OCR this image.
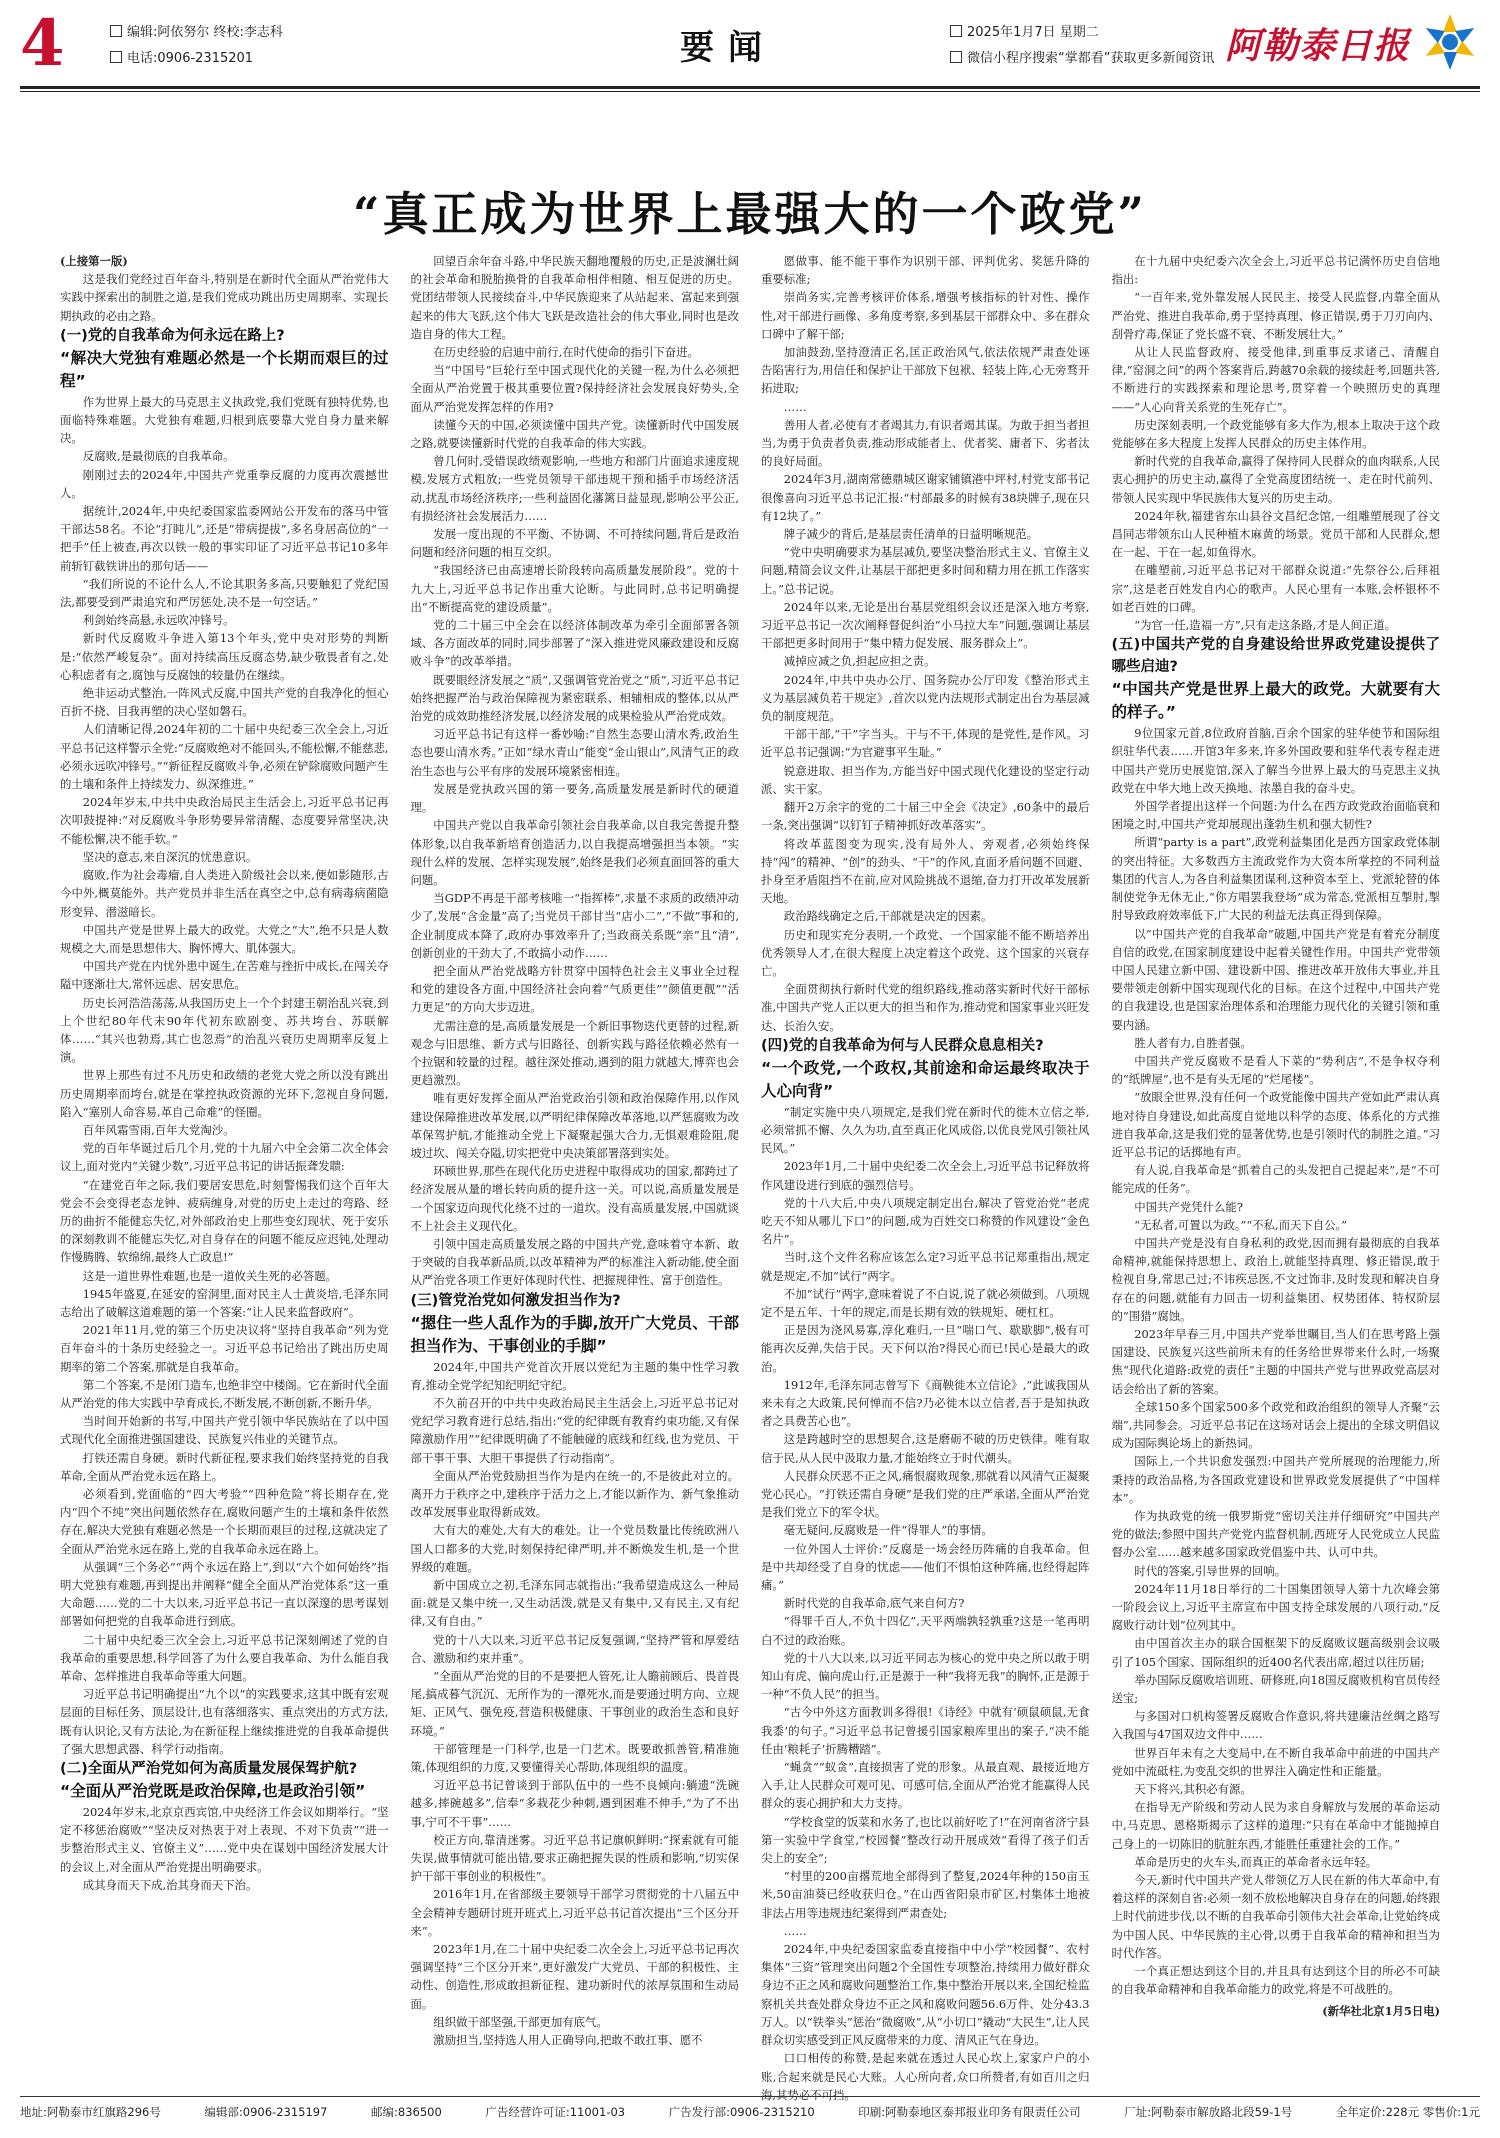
4	编辑:阿依努尔 终校:李志科
电话:0906-2315201	要闻	2025年1月7日 星期二
微信小程序搜索“掌都看”获取更多新闻资讯 阿勒泰日报
“真正成为世界上最强大的一个政党”

(上接第一版)

这是我们党经过百年奋斗,特别是在新时代全面从严治党伟大实践中探索出的制胜之道,是我们党成功跳出历史周期率、实现长期执政的必由之路。

(一)党的自我革命为何永远在路上?

“解决大党独有难题必然是一个长期而艰巨的过程”

作为世界上最大的马克思主义执政党,我们党既有独特优势,也面临特殊难题。大党独有难题,归根到底要靠大党自身力量来解决。

反腐败,是最彻底的自我革命。

刚刚过去的2024年,中国共产党重拳反腐的力度再次震撼世人。

据统计,2024年,中央纪委国家监委网站公开发布的落马中管干部达58名。不论“打盹儿”,还是“带病提拔”,多名身居高位的“一把手”任上被查,再次以铁一般的事实印证了习近平总书记10多年前斩钉截铁讲出的那句话——

“我们所说的不论什么人,不论其职务多高,只要触犯了党纪国法,都要受到严肃追究和严厉惩处,决不是一句空话。”

利剑始终高悬,永远吹冲锋号。

新时代反腐败斗争进入第13个年头,党中央对形势的判断是:“依然严峻复杂”。面对持续高压反腐态势,缺少敬畏者有之,处心积虑者有之,腐蚀与反腐蚀的较量仍在继续。

绝非运动式整治,一阵风式反腐,中国共产党的自我净化的恒心百折不挠、目我再塑的决心坚如磐石。

人们清晰记得,2024年初的二十届中央纪委三次全会上,习近平总书记这样警示全党:“反腐败绝对不能回头,不能松懈,不能慈悲,必须永远吹冲锋号。”“新征程反腐败斗争,必须在铲除腐败问题产生的土壤和条件上持续发力、纵深推进。”

2024年岁末,中共中央政治局民主生活会上,习近平总书记再次叩鼓提神:“对反腐败斗争形势要异常清醒、态度要异常坚决,决不能松懈,决不能手软。”

坚决的意志,来自深沉的忧患意识。

腐败,作为社会毒瘤,自人类进入阶级社会以来,便如影随形,古今中外,概莫能外。共产党员并非生活在真空之中,总有病毒病菌隐形变异、潜滋暗长。

中国共产党是世界上最大的政党。大党之“大”,绝不只是人数规模之大,而是思想伟大、胸怀博大、肌体强大。

中国共产党在内忧外患中诞生,在苦难与挫折中成长,在闯关夺隘中逐渐壮大,常怀远虑、居安思危。

历史长河浩浩荡荡,从我国历史上一个个封建王朝治乱兴衰,到上个世纪80年代末90年代初东欧剧变、苏共垮台、苏联解体……“其兴也勃焉,其亡也忽焉”的治乱兴衰历史周期率反复上演。

世界上那些有过不凡历史和政绩的老党大党之所以没有跳出历史周期率而垮台,就是在掌控执政资源的光环下,忽视自身问题,陷入“塞别人命容易,革自己命难”的怪圈。

百年风霜雪雨,百年大党淘沙。

党的百年华诞过后几个月,党的十九届六中全会第二次全体会议上,面对党内“关键少数”,习近平总书记的讲话振聋发聩:

“在建党百年之际,我们要居安思危,时刻警惕我们这个百年大党会不会变得老态龙钟、疲病缠身,对党的历史上走过的弯路、经历的曲折不能健忘失忆,对外部政治史上那些变幻现状、死于安乐的深刻教训不能健忘失忆,对自身存在的问题不能反应迟钝,处理动作慢腾腾、软绵绵,最终人亡政息!”

这是一道世界性难题,也是一道攸关生死的必答题。

1945年盛夏,在延安的窑洞里,面对民主人士黄炎培,毛泽东同志给出了破解这道难题的第一个答案:“让人民来监督政府”。

2021年11月,党的第三个历史决议将“坚持自我革命”列为党百年奋斗的十条历史经验之一。习近平总书记给出了跳出历史周期率的第二个答案,那就是自我革命。

第二个答案,不是闭门造车,也绝非空中楼阁。它在新时代全面从严治党的伟大实践中孕育成长,不断发展,不断创新,不断升华。

当时间开始新的书写,中国共产党引领中华民族站在了以中国式现代化全面推进强国建设、民族复兴伟业的关键节点。

打铁还需自身硬。新时代新征程,要求我们始终坚持党的自我革命,全面从严治党永远在路上。

必须看到,党面临的“四大考验”“四种危险”将长期存在,党内“四个不纯”突出问题依然存在,腐败问题产生的土壤和条件依然存在,解决大党独有难题必然是一个长期而艰巨的过程,这就决定了全面从严治党永远在路上,党的自我革命永远在路上。

从强调“三个务必”“两个永远在路上”,到以“六个如何始终”指明大党独有难题,再到提出并阐释“健全全面从严治党体系”这一重大命题……党的二十大以来,习近平总书记一直以深邃的思考谋划部署如何把党的自我革命进行到底。

二十届中央纪委三次全会上,习近平总书记深刻阐述了党的自我革命的重要思想,科学回答了为什么要自我革命、为什么能自我革命、怎样推进自我革命等重大问题。

习近平总书记明确提出“九个以”的实践要求,这其中既有宏观层面的目标任务、顶层设计,也有落细落实、重点突出的方式方法,既有认识论,又有方法论,为在新征程上继续推进党的自我革命提供了强大思想武器、科学行动指南。

(二)全面从严治党如何为高质量发展保驾护航?

“全面从严治党既是政治保障,也是政治引领”

2024年岁末,北京京西宾馆,中央经济工作会议如期举行。“坚定不移惩治腐败”“坚决反对热衷于对上表现、不对下负责”“进一步整治形式主义、官僚主义”……党中央在谋划中国经济发展大计的会议上,对全面从严治党提出明确要求。

成其身而天下成,治其身而天下治。

回望百余年奋斗路,中华民族天翻地覆般的历史,正是波澜壮阔的社会革命和脱胎换骨的自我革命相伴相随、相互促进的历史。党团结带领人民接续奋斗,中华民族迎来了从站起来、富起来到强起来的伟大飞跃,这个伟大飞跃是改造社会的伟大事业,同时也是改造自身的伟大工程。

在历史经验的启迪中前行,在时代使命的指引下奋进。

当“中国号”巨轮行至中国式现代化的关键一程,为什么必须把全面从严治党置于极其重要位置?保持经济社会发展良好势头,全面从严治党发挥怎样的作用?

读懂今天的中国,必须读懂中国共产党。读懂新时代中国发展之路,就要读懂新时代党的自我革命的伟大实践。

曾几何时,受错误政绩观影响,一些地方和部门片面追求速度规模,发展方式粗放;一些党员领导干部违规干预和插手市场经济活动,扰乱市场经济秩序;一些利益固化藩篱日益显现,影响公平公正,有损经济社会发展活力……

发展一度出现的不平衡、不协调、不可持续问题,背后是政治问题和经济问题的相互交织。

“我国经济已由高速增长阶段转向高质量发展阶段”。党的十九大上,习近平总书记作出重大论断。与此同时,总书记明确提出“不断提高党的建设质量”。

党的二十届三中全会在以经济体制改革为牵引全面部署各领域、各方面改革的同时,同步部署了“深入推进党风廉政建设和反腐败斗争”的改革举措。

既要眼经济发展之“质”,又强调管党治党之“质”,习近平总书记始终把握严治与政治保障视为紧密联系、相辅相成的整体,以从严治党的成效助推经济发展,以经济发展的成果检验从严治党成效。

习近平总书记有这样一番妙喻:“自然生态要山清水秀,政治生态也要山清水秀。”正如“绿水青山”能变“金山银山”,风清气正的政治生态也与公平有序的发展环境紧密相连。

发展是党执政兴国的第一要务,高质量发展是新时代的硬道理。

中国共产党以自我革命引领社会自我革命,以自我完善提升整体形象,以自我革新培育创造活力,以自我提高增强担当本领。“实现什么样的发展、怎样实现发展”,始终是我们必须直面回答的重大问题。

当GDP不再是干部考核唯一“指挥棒”,求量不求质的政绩冲动少了,发展“含金量”高了;当党员干部甘当“店小二”,“不做”事和的,企业制度成本降了,政府办事效率升了;当政商关系既“亲”且“清”,创新创业的干劲大了,不敢搞小动作……

把全面从严治党战略方针贯穿中国特色社会主义事业全过程和党的建设各方面,中国经济社会向着“气质更佳”“颜值更靓”“活力更足”的方向大步迈进。

尤需注意的是,高质量发展是一个新旧事物迭代更替的过程,新观念与旧思维、新方式与旧路径、创新实践与路径依赖必然有一个拉锯和较量的过程。越往深处推动,遇到的阻力就越大,博弈也会更趋激烈。

唯有更好发挥全面从严治党政治引领和政治保障作用,以作风建设保障推进改革发展,以严明纪律保障改革落地,以严惩腐败为改革保驾护航,才能推动全党上下凝聚起强大合力,无惧艰难险阻,爬坡过坎、闯关夺隘,切实把党中央决策部署落到实处。

环顾世界,那些在现代化历史进程中取得成功的国家,都跨过了经济发展从量的增长转向质的提升这一关。可以说,高质量发展是一个国家迈向现代化绕不过的一道坎。没有高质量发展,中国就谈不上社会主义现代化。

引领中国走高质量发展之路的中国共产党,意味着守本新、敢于突破的自我革新品质,以改革精神为严的标准注入新动能,使全面从严治党各项工作更好体现时代性、把握规律性、富于创造性。

(三)管党治党如何激发担当作为?

“摁住一些人乱作为的手脚,放开广大党员、干部担当作为、干事创业的手脚”

2024年,中国共产党首次开展以党纪为主题的集中性学习教育,推动全党学纪知纪明纪守纪。

不久前召开的中共中央政治局民主生活会上,习近平总书记对党纪学习教育进行总结,指出:“党的纪律既有教育约束功能,又有保障激励作用”“纪律既明确了不能触碰的底线和红线,也为党员、干部干事干事、大胆干事提供了行动指南”。

全面从严治党鼓励担当作为是内在统一的,不是彼此对立的。离开力于秩序之中,建秩序于活力之上,才能以新作为、新气象推动改革发展事业取得新成效。

大有大的难处,大有大的难处。让一个党员数量比传统欧洲八国人口都多的大党,时刻保持纪律严明,并不断焕发生机,是一个世界级的难题。

新中国成立之初,毛泽东同志就指出:“我希望造成这么一种局面:就是又集中统一,又生动活泼,就是又有集中,又有民主,又有纪律,又有自由。”

党的十八大以来,习近平总书记反复强调,“坚持严管和厚爱结合、激励和约束并重”。

“全面从严治党的目的不是要把人管死,让人瞻前顾后、畏首畏尾,搞成暮气沉沉、无所作为的一潭死水,而是要通过明方向、立规矩、正风气、强免疫,营造积极健康、干事创业的政治生态和良好环境。”

干部管理是一门科学,也是一门艺术。既要敢抓善管,精准施策,体现组织的力度,又要懂得关心帮助,体现组织的温度。

习近平总书记曾谈到于部队伍中的一些不良倾向:躺遗“洗碗越多,摔碗越多”,信奉“多栽花少种刺,遇到困难不伸手,“为了不出事,宁可不干事”……

校正方向,靠清迷雾。习近平总书记旗帜鲜明:“探索就有可能失误,做事情就可能出错,要求正确把握失误的性质和影响,“切实保护干部干事创业的积极性”。

2016年1月,在省部级主要领导干部学习贯彻党的十八届五中全会精神专题研讨班开班式上,习近平总书记首次提出“三个区分开来”。

2023年1月,在二十届中央纪委二次全会上,习近平总书记再次强调坚持“三个区分开来”,更好激发广大党员、干部的积极性、主动性、创造性,形成敢担新征程、建功新时代的浓厚氛围和生动局面。

组织做干部坚强,干部更加有底气。

激励担当,坚持选人用人正确导向,把敢不敢扛事、愿不

愿做事、能不能干事作为识别干部、评判优劣、奖惩升降的重要标准;

崇尚务实,完善考核评价体系,增强考核指标的针对性、操作性,对干部进行画像、多角度考察,多到基层干部群众中、多在群众口碑中了解干部;

加油鼓劲,坚持澄清正名,匡正政治风气,依法依规严肃查处诬告陷害行为,用信任和保护让干部放下包袱、轻装上阵,心无旁骛开拓进取;

……

善用人者,必使有才者竭其力,有识者竭其谋。为敢于担当者担当,为勇于负责者负责,推动形成能者上、优者奖、庸者下、劣者汰的良好局面。

2024年3月,湖南常德鼎城区谢家铺镇港中坪村,村党支部书记很像喜向习近平总书记汇报:“村部最多的时候有38块牌子,现在只有12块了。”

牌子减少的背后,是基层责任清单的日益明晰规范。

“党中央明确要求为基层减负,要坚决整治形式主义、官僚主义问题,精简会议文件,让基层干部把更多时间和精力用在抓工作落实上。”总书记说。

2024年以来,无论是出台基层党组织会议还是深入地方考察,习近平总书记一次次阐释督促纠治“小马拉大车”问题,强调让基层干部把更多时间用于“集中精力促发展、服务群众上”。

减掉应减之负,担起应担之责。

2024年,中共中央办公厅、国务院办公厅印发《整治形式主义为基层减负若干规定》,首次以党内法规形式制定出台为基层减负的制度规范。

干部干部,“干”字当头。干与不干,体现的是党性,是作风。习近平总书记强调:“为官避事平生耻。”

锐意进取、担当作为,方能当好中国式现代化建设的坚定行动派、实干家。

翻开2万余字的党的二十届三中全会《决定》,60条中的最后一条,突出强调“以钉钉子精神抓好改革落实”。

将改革蓝图变为现实,没有局外人、旁观者,必须始终保持“闯”的精神、“创”的劲头、“干”的作风,直面矛盾问题不回避、扑身至矛盾阻挡不在前,应对风险挑战不退缩,奋力打开改革发展新天地。

政治路线确定之后,干部就是决定的因素。

历史和现实充分表明,一个政党、一个国家能不能不断培养出优秀领导人才,在很大程度上决定着这个政党、这个国家的兴衰存亡。

全面贯彻执行新时代党的组织路线,推动落实新时代好干部标准,中国共产党人正以更大的担当和作为,推动党和国家事业兴旺发达、长治久安。

(四)党的自我革命为何与人民群众息息相关?

“一个政党,一个政权,其前途和命运最终取决于人心向背”

“制定实施中央八项规定,是我们党在新时代的徙木立信之举,必须常抓不懈、久久为功,直至真正化风成俗,以优良党风引领社风民风。”

2023年1月,二十届中央纪委二次全会上,习近平总书记释放将作风建设进行到底的强烈信号。

党的十八大后,中央八项规定制定出台,解决了管党治党“老虎吃天不知从哪儿下口”的问题,成为百姓交口称赞的作风建设“金色名片”。

当时,这个文件名称应该怎么定?习近平总书记郑重指出,规定就是规定,不加“试行”两字。

不加“试行”两字,意味着说了不白说,说了就必须做到。八项规定不是五年、十年的规定,而是长期有效的铁规矩、硬杠杠。

正是因为浇风易寡,淳化难归,一旦“喘口气、歇歇脚”,极有可能再次反弹,失信于民。天下何以治?得民心而已!民心是最大的政治。

1912年,毛泽东同志曾写下《商鞅徙木立信论》,“此诚我国从来未有之大政策,民何惮而不信?乃必徙木以立信者,吾于是知执政者之具费苦心也”。

这是跨越时空的思想契合,这是磨砺不破的历史铁律。唯有取信于民,从人民中汲取力量,才能始终立于时代潮头。

人民群众厌恶不正之风,痛恨腐败现象,那就看以风清气正凝聚党心民心。“打铁还需自身硬”是我们党的庄严承诺,全面从严治党是我们党立下的军令状。

毫无疑问,反腐败是一件“得罪人”的事情。

一位外国人士评价:“反腐是一场会经历阵痛的自我革命。但是中共却经受了自身的忧虑——他们不惧怕这种阵痛,也经得起阵痛。”

新时代党的自我革命,底气来自何方?

“得罪千百人,不负十四亿”,天平两端孰轻孰重?这是一笔再明白不过的政治账。

党的十八大以来,以习近平同志为核心的党中央之所以敢于明知山有虎、偏向虎山行,正是源于一种“我将无我”的胸怀,正是源于一种“不负人民”的担当。

“古今中外这方面教训多得很!《诗经》中就有‘硕鼠硕鼠,无食我黍’的句子。”习近平总书记曾援引国家粮库里出的案子,“决不能任由‘粮耗子’折腾糟踏”。

“蝇贪”“蚁贪”,直接损害了党的形象。从最直观、最接近地方入手,让人民群众可观可见、可感可信,全面从严治党才能赢得人民群众的衷心拥护和大力支持。

“学校食堂的饭菜和水务了,也比以前好吃了!”在河南省济宁县第一实验中学食堂,“校园餐”整改行动开展成效“看得了孩子们舌尖上的安全”;

“村里的200亩撂荒地全部得到了整复,2024年种的150亩玉米,50亩油葵已经收获归仓。”在山西省阳泉市矿区,村集体土地被非法占用等违规违纪案得到严肃查处;

……

2024年,中央纪委国家监委直接指中中小学“校园餐”、农村集体“三资”管理突出问题2个全国性专项整治,持续用力做好群众身边不正之风和腐败问题整治工作,集中整治开展以来,全国纪检监察机关共查处群众身边不正之风和腐败问题56.6万件、处分43.3万人。以“铁拳头”惩治“微腐败”,从“小切口”撬动“大民生”,让人民群众切实感受到正风反腐带来的力度、清风正气在身边。

口口相传的称赞,是起来就在透过人民心坎上,家家户户的小账,合起来就是民心大账。人心所向者,众口所赞者,有如百川之归海,其势必不可挡。

在十九届中央纪委六次全会上,习近平总书记满怀历史自信地指出:

“一百年来,党外靠发展人民民主、接受人民监督,内靠全面从严治党、推进自我革命,勇于坚持真理、修正错误,勇于刀刃向内、刮骨疗毒,保证了党长盛不衰、不断发展壮大。”

从让人民监督政府、接受他律,到重事反求诸己、清醒自律,“窑洞之问”的两个答案背后,跨越70余载的接续赶考,回题共答,不断进行的实践探索和理论思考,贯穿着一个映照历史的真理——“人心向背关系党的生死存亡”。

历史深刻表明,一个政党能够有多大作为,根本上取决于这个政党能够在多大程度上发挥人民群众的历史主体作用。

新时代党的自我革命,赢得了保持同人民群众的血肉联系,人民衷心拥护的历史主动,赢得了全党高度团结统一、走在时代前列、带领人民实现中华民族伟大复兴的历史主动。

2024年秋,福建省东山县谷文昌纪念馆,一组雕塑展现了谷文昌同志带领东山人民种植木麻黄的场景。党员干部和人民群众,想在一起、干在一起,如鱼得水。

在雕塑前,习近平总书记对干部群众说道:“先祭谷公,后拜祖宗”,这是老百姓发自内心的歌声。人民心里有一本账,会杯银杯不如老百姓的口碑。

“为官一任,造福一方”,只有走这条路,才是人间正道。

(五)中国共产党的自身建设给世界政党建设提供了哪些启迪?

“中国共产党是世界上最大的政党。大就要有大的样子。”

9位国家元首,8位政府首脑,百余个国家的驻华使节和国际组织驻华代表……开馆3年多来,许多外国政要和驻华代表专程走进中国共产党历史展览馆,深入了解当今世界上最大的马克思主义执政党在中华大地上改天换地、浓墨自我的奋斗史。

外国学者提出这样一个问题:为什么在西方政党政治面临衰和困境之时,中国共产党却展现出蓬勃生机和强大韧性?

所谓“party is a part”,政党利益集团化是西方国家政党体制的突出特征。大多数西方主流政党作为大资本所掌控的不同利益集团的代言人,为各自利益集团谋利,这种资本至上、党派轮替的体制使党争无休无止,“你方唱罢我登场”成为常态,党派相互掣肘,掣肘导致政府效率低下,广大民的利益无法真正得到保障。

以“中国共产党的自我革命”破题,中国共产党是有着充分制度自信的政党,在国家制度建设中起着关键性作用。中国共产党带领中国人民建立新中国、建设新中国、推进改革开放伟大事业,并且要带领走创新中国实现现代化的目标。在这个过程中,中国共产党的自我建设,也是国家治理体系和治理能力现代化的关键引领和重要内涵。

胜人者有力,自胜者强。

中国共产党反腐败不是看人下菜的“势利店”,不是争权夺利的“纸牌屋”,也不是有头无尾的“烂尾楼”。

“放眼全世界,没有任何一个政党能像中国共产党如此严肃认真地对待自身建设,如此高度自觉地以科学的态度、体系化的方式推进自我革命,这是我们党的显著优势,也是引领时代的制胜之道。”习近平总书记的话掷地有声。

有人说,自我革命是“抓着自己的头发把自己提起来”,是“不可能完成的任务”。

中国共产党凭什么能?

“无私者,可置以为政。”“不私,而天下自公。”

中国共产党是没有自身私利的政党,因而拥有最彻底的自我革命精神,就能保持思想上、政治上,就能坚持真理、修正错误,敢于检视自身,常思己过;不讳疾忌医,不文过饰非,及时发现和解决自身存在的问题,就能有力回击一切利益集团、权势团体、特权阶层的“围猎”腐蚀。

2023年早春三月,中国共产党举世瞩目,当人们在思考路上强国建设、民族复兴这些前所未有的任务给世界带来什么时,一场聚焦“现代化道路:政党的责任”主题的中国共产党与世界政党高层对话会给出了新的答案。

全球150多个国家500多个政党和政治组织的领导人齐聚“云端”,共同参会。习近平总书记在这场对话会上提出的全球文明倡议成为国际舆论场上的新热词。

国际上,一个共识愈发强烈:中国共产党所展现的治理能力,所秉持的政治品格,为各国政党建设和世界政党发展提供了“中国样本”。

作为执政党的统一俄罗斯党“密切关注并仔细研究”中国共产党的做法;参照中国共产党党内监督机制,西班牙人民党成立人民监督办公室……越来越多国家政党倡鉴中共、认可中共。

时代的答案,引导世界的回响。

2024年11月18日举行的二十国集团领导人第十九次峰会第一阶段会议上,习近平主席宣布中国支持全球发展的八项行动,“反腐败行动计划”位列其中。

由中国首次主办的联合国框架下的反腐败议题高级别会议吸引了105个国家、国际组织的近400名代表出席,超过以往历届;

举办国际反腐败培训班、研修班,向18国反腐败机构官员传经送宝;

与多国对口机构签署反腐败合作意识,将共建廉洁丝绸之路写入我国与47国双边文件中……

世界百年未有之大变局中,在不断自我革命中前进的中国共产党如中流砥柱,为变乱交织的世界注入确定性和正能量。

天下将兴,其积必有源。

在指导无产阶级和劳动人民为求自身解放与发展的革命运动中,马克思、恩格斯揭示了这样的道理:“只有在革命中才能抛掉自己身上的一切陈旧的肮脏东西,才能胜任重建社会的工作。”

革命是历史的火车头,而真正的革命者永远年轻。

今天,新时代中国共产党人带领亿万人民在新的伟大革命中,有着这样的深刻自省:必须一刻不放松地解决自身存在的问题,始终跟上时代前进步伐,以不断的自我革命引领伟大社会革命,让党始终成为中国人民、中华民族的主心骨,以勇于自我革命的精神和担当为时代作答。

一个真正想达到这个目的,并且具有达到这个目的所必不可缺的自我革命精神和自我革命能力的政党,将是不可战胜的。

(新华社北京1月5日电)

地址:阿勒泰市红旗路296号	编辑部:0906-2315197	邮编:836500	广告经营许可证:11001-03	广告发行部:0906-2315210	印刷:阿勒泰地区泰邦报业印务有限责任公司	厂址:阿勒泰市解放路北段59-1号	全年定价:228元 零售价:1元
